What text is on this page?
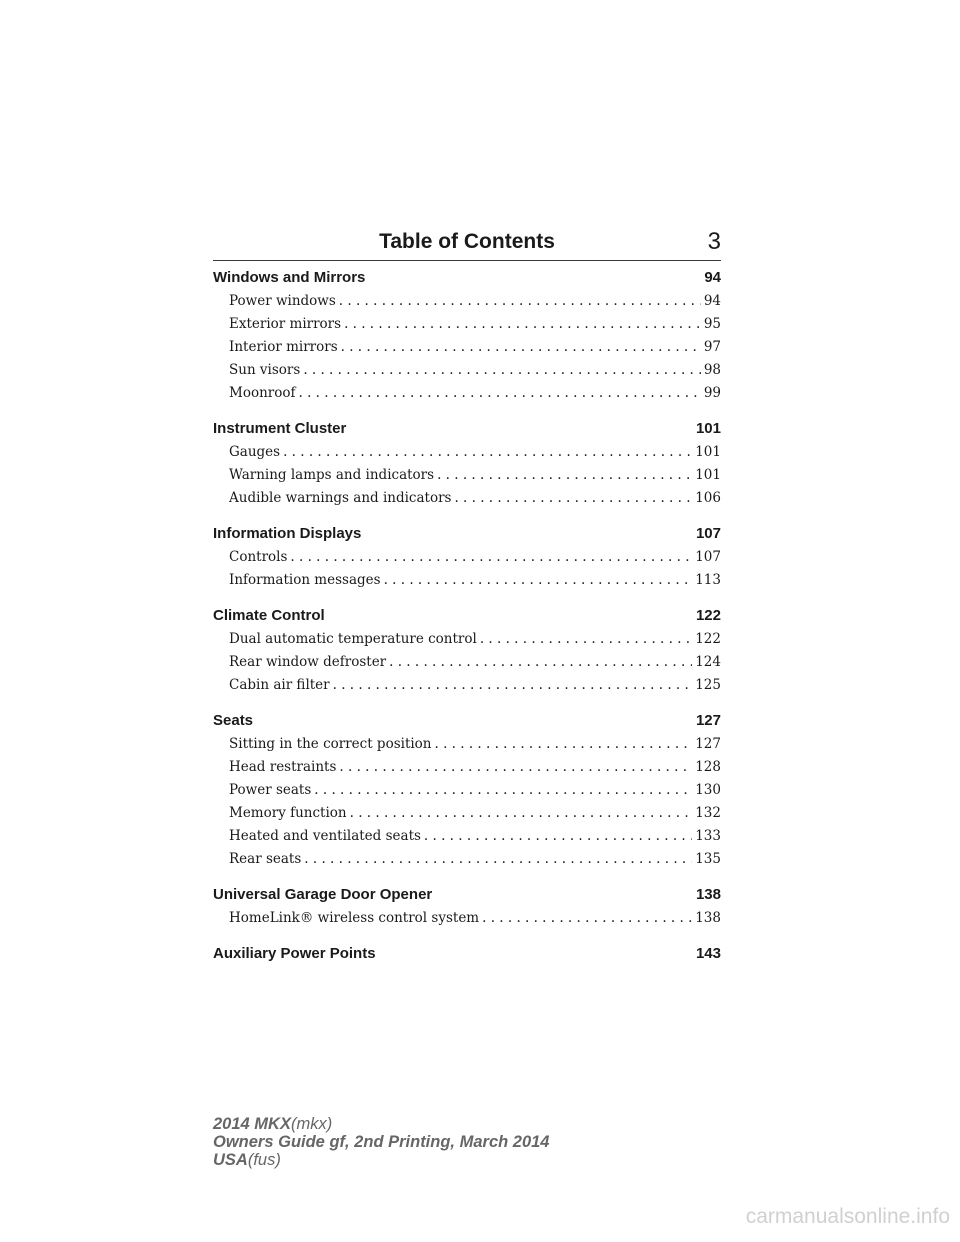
Table of Contents	3
Windows and Mirrors	94
Power windows . . .	94
Exterior mirrors . . .	95
Interior mirrors . . .	97
Sun visors . . .	98
Moonroof . . .	99
Instrument Cluster	101
Gauges . . .	101
Warning lamps and indicators . . .	101
Audible warnings and indicators . . .	106
Information Displays	107
Controls . . .	107
Information messages . . .	113
Climate Control	122
Dual automatic temperature control . . .	122
Rear window defroster . . .	124
Cabin air filter . . .	125
Seats	127
Sitting in the correct position . . .	127
Head restraints . . .	128
Power seats . . .	130
Memory function . . .	132
Heated and ventilated seats . . .	133
Rear seats . . .	135
Universal Garage Door Opener	138
HomeLink® wireless control system . . .	138
Auxiliary Power Points	143
2014 MKX(mkx)
Owners Guide gf, 2nd Printing, March 2014
USA(fus)
carmanualsonline.info
